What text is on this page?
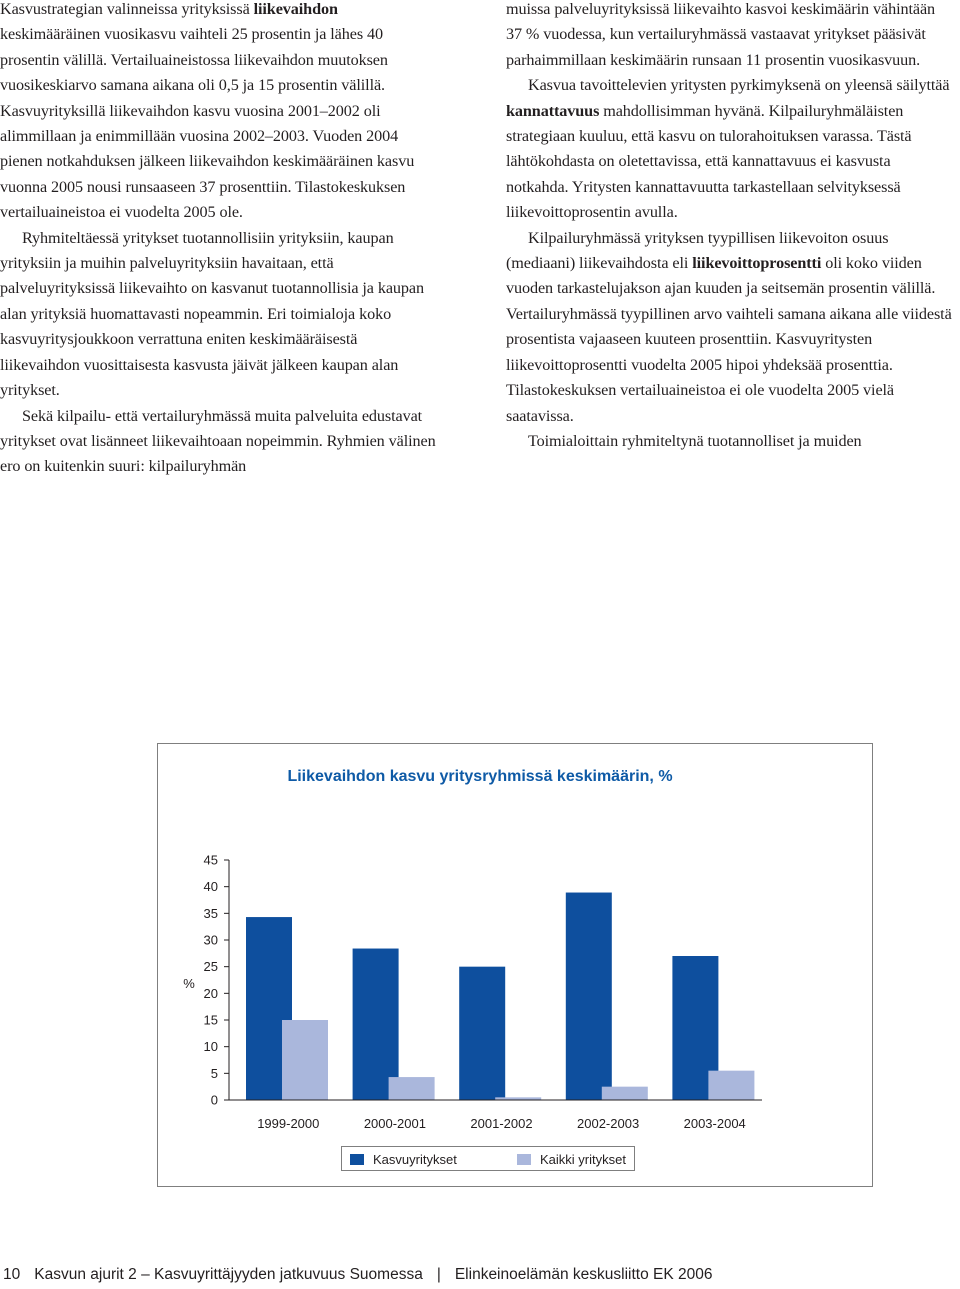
Kasvustrategian valinneissa yrityksissä liikevaihdon keskimääräinen vuosikasvu vaihteli 25 prosentin ja lähes 40 prosentin välillä. Vertailuaineistossa liikevaihdon muutoksen vuosikeskiarvo samana aikana oli 0,5 ja 15 prosentin välillä. Kasvuyrityksillä liikevaihdon kasvu vuosina 2001–2002 oli alimmillaan ja enimmillään vuosina 2002–2003. Vuoden 2004 pienen notkahduksen jälkeen liikevaihdon keskimääräinen kasvu vuonna 2005 nousi runsaaseen 37 prosenttiin. Tilastokeskuksen vertailuaineistoa ei vuodelta 2005 ole.

Ryhmiteltäessä yritykset tuotannollisiin yrityksiin, kaupan yrityksiin ja muihin palveluyrityksiin havaitaan, että palveluyrityksissä liikevaihto on kasvanut tuotannollisia ja kaupan alan yrityksiä huomattavasti nopeammin. Eri toimialoja koko kasvuyritysjoukkoon verrattuna eniten keskimääräisestä liikevaihdon vuosittaisesta kasvusta jäivät jälkeen kaupan alan yritykset.

Sekä kilpailu- että vertailuryhmässä muita palveluita edustavat yritykset ovat lisänneet liikevaihtoaan nopeimmin. Ryhmien välinen ero on kuitenkin suuri: kilpailuryhmän

muissa palveluyrityksissä liikevaihto kasvoi keskimäärin vähintään 37 % vuodessa, kun vertailuryhmässä vastaavat yritykset pääsivät parhaimmillaan keskimäärin runsaan 11 prosentin vuosikasvuun.

Kasvua tavoittelevien yritysten pyrkimyksenä on yleensä säilyttää kannattavuus mahdollisimman hyvänä. Kilpailuryhmäläisten strategiaan kuuluu, että kasvu on tulorahoituksen varassa. Tästä lähtökohdasta on oletettavissa, että kannattavuus ei kasvusta notkahda. Yritysten kannattavuutta tarkastellaan selvityksessä liikevoittoprosentin avulla.

Kilpailuryhmässä yrityksen tyypillisen liikevoiton osuus (mediaani) liikevaihdosta eli liikevoittoprosentti oli koko viiden vuoden tarkastelujakson ajan kuuden ja seitsemän prosentin välillä. Vertailuryhmässä tyypillinen arvo vaihteli samana aikana alle viidestä prosentista vajaaseen kuuteen prosenttiin. Kasvuyritysten liikevoittoprosentti vuodelta 2005 hipoi yhdeksää prosenttia. Tilastokeskuksen vertailuaineistoa ei ole vuodelta 2005 vielä saatavissa.

Toimialoittain ryhmiteltynä tuotannolliset ja muiden

Liikevaihdon kasvu yritysryhmissä keskimäärin, %
0
5
10
15
20
25
30
35
40
45
%
1999-2000	2000-2001	2001-2002	2002-2003	2003-2004
Kasvuyritykset	Kaikki yritykset
10 Kasvun ajurit 2 – Kasvuyrittäjyyden jatkuvuus Suomessa | Elinkeinoelämän keskusliitto EK 2006
